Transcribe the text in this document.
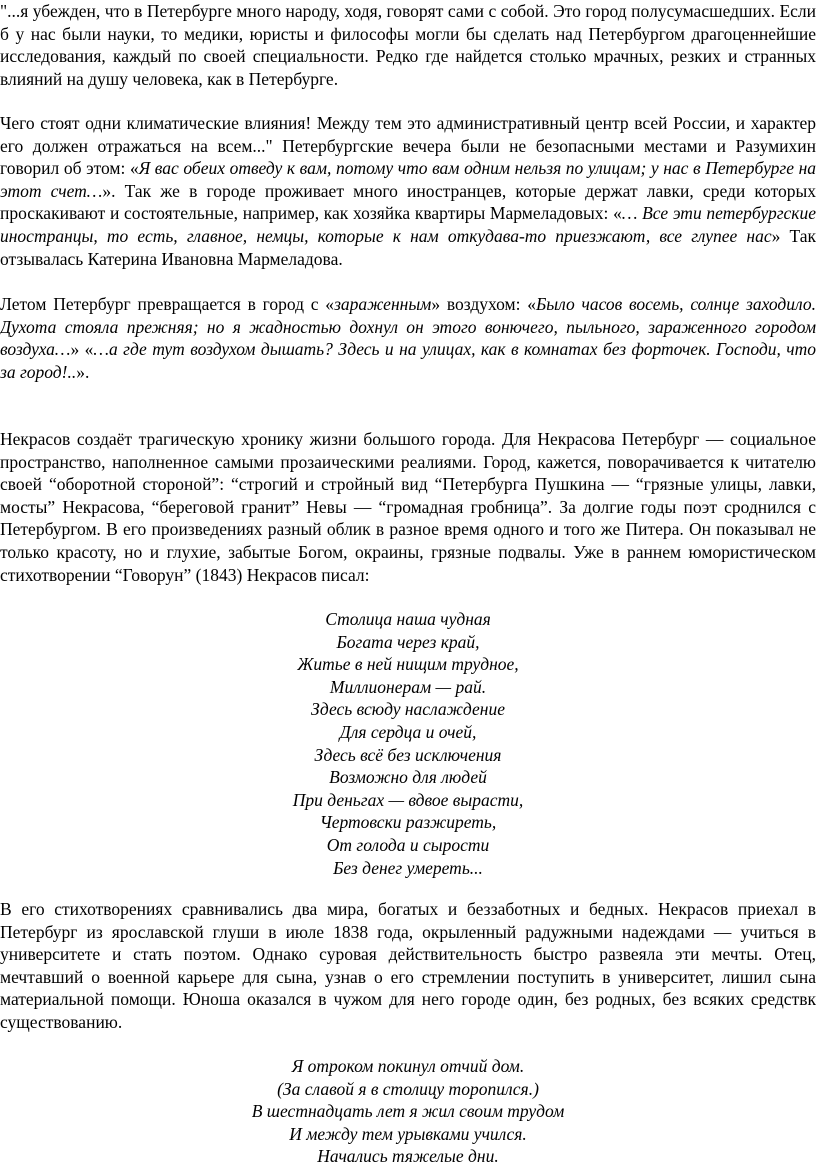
"...я убежден, что в Петербурге много народу, ходя, говорят сами с собой. Это город полусумасшедших. Если б у нас были науки, то медики, юристы и философы могли бы сделать над Петербургом драгоценнейшие исследования, каждый по своей специальности. Редко где найдется столько мрачных, резких и странных влияний на душу человека, как в Петербурге.

Чего стоят одни климатические влияния! Между тем это административный центр всей России, и характер его должен отражаться на всем..." Петербургские вечера были не безопасными местами и Разумихин говорил об этом: «Я вас обеих отведу к вам, потому что вам одним нельзя по улицам; у нас в Петербурге на этот счет…». Так же в городе проживает много иностранцев, которые держат лавки, среди которых проскакивают и состоятельные, например, как хозяйка квартиры Мармеладовых: «… Все эти петербургские иностранцы, то есть, главное, немцы, которые к нам откудава-то приезжают, все глупее нас» Так отзывалась Катерина Ивановна Мармеладова.

Летом Петербург превращается в город с «зараженным» воздухом: «Было часов восемь, солнце заходило. Духота стояла прежняя; но я жадностью дохнул он этого вонючего, пыльного, зараженного городом воздуха…» «…а где тут воздухом дышать? Здесь и на улицах, как в комнатах без форточек. Господи, что за город!..».

Некрасов создаёт трагическую хронику жизни большого города. Для Некрасова Петербург — социальное пространство, наполненное самыми прозаическими реалиями. Город, кажется, поворачивается к читателю своей “оборотной стороной”: “строгий и стройный вид “Петербурга Пушкина — “грязные улицы, лавки, мосты” Некрасова, “береговой гранит” Невы — “громадная гробница”. За долгие годы поэт сроднился с Петербургом. В его произведениях разный облик в разное время одного и того же Питера. Он показывал не только красоту, но и глухие, забытые Богом, окраины, грязные подвалы. Уже в раннем юмористическом стихотворении “Говорун” (1843) Некрасов писал:

Столица наша чудная
Богата через край,
Житье в ней нищим трудное,
Миллионерам — рай.
Здесь всюду наслаждение
Для сердца и очей,
Здесь всё без исключения
Возможно для людей
При деньгах — вдвое вырасти,
Чертовски разжиреть,
От голода и сырости
Без денег умереть...

В его стихотворениях сравнивались два мира, богатых и беззаботных и бедных. Некрасов приехал в Петербург из ярославской глуши в июле 1838 года, окрыленный радужными надеждами — учиться в университете и стать поэтом. Однако суровая действительность быстро развеяла эти мечты. Отец, мечтавший о военной карьере для сына, узнав о его стремлении поступить в университет, лишил сына материальной помощи. Юноша оказался в чужом для него городе один, без родных, без всяких средствк существованию.

Я отроком покинул отчий дом.
(За славой я в столицу торопился.)
В шестнадцать лет я жил своим трудом
И между тем урывками учился.
Начались тяжелые дни.
